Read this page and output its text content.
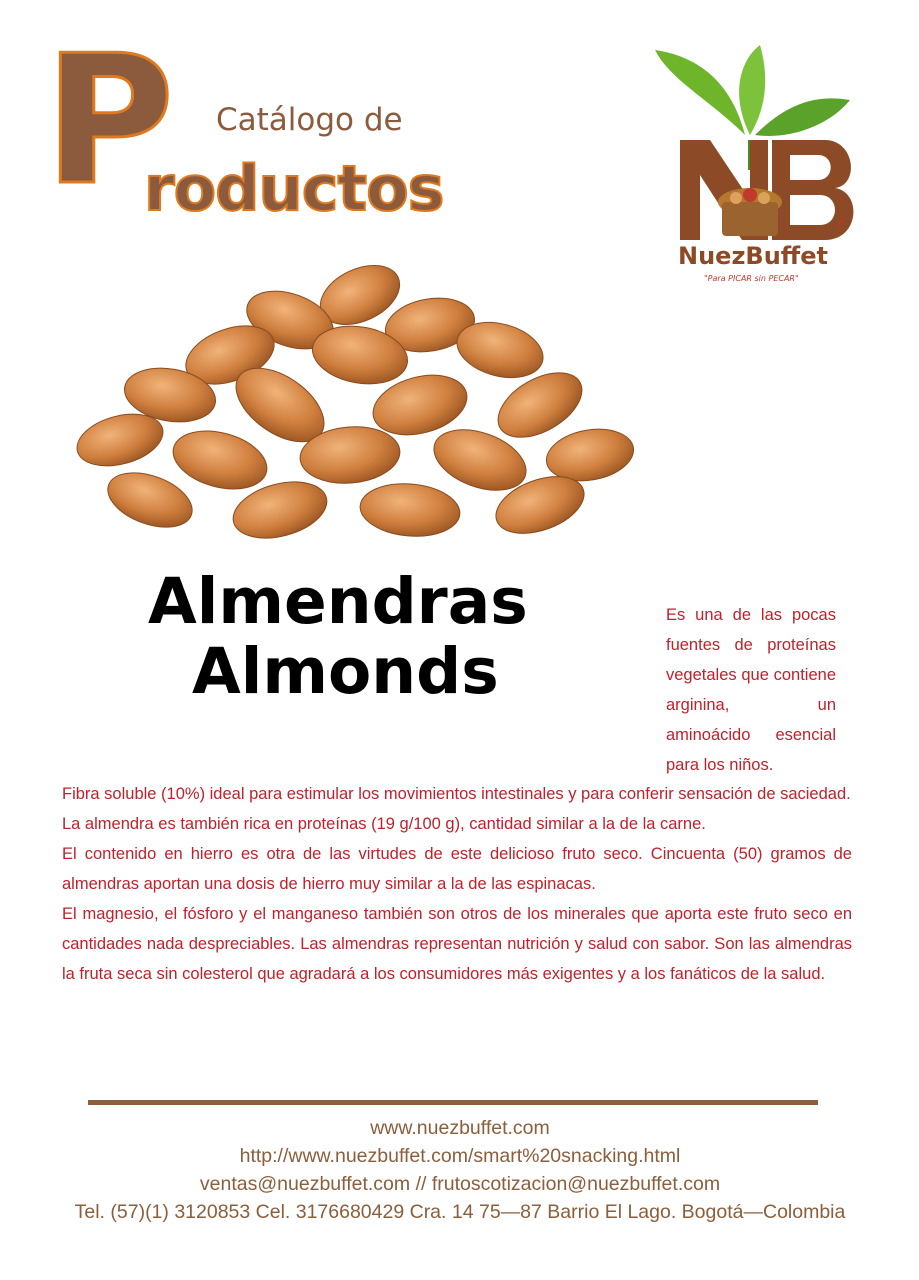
P Catálogo de
roductos	Flap!
NuezBuffet
"Para PICAR sin PECAR"
Almendras
Almonds
Es una de las pocas fuentes de proteínas vegetales que contiene arginina, un aminoácido esencial para los niños.

Fibra soluble (10%) ideal para estimular los movimientos intestinales y para conferir sensación de saciedad.

La almendra es también rica en proteínas (19 g/100 g), cantidad similar a la de la carne.

El contenido en hierro es otra de las virtudes de este delicioso fruto seco. Cincuenta (50) gramos de almendras aportan una dosis de hierro muy similar a la de las espinacas.

El magnesio, el fósforo y el manganeso también son otros de los minerales que aporta este fruto seco en cantidades nada despreciables. Las almendras representan nutrición y salud con sabor. Son las almendras la fruta seca sin colesterol que agradará a los consumidores más exigentes y a los fanáticos de la salud.

www.nuezbuffet.com
http://www.nuezbuffet.com/smart%20snacking.html
ventas@nuezbuffet.com // frutoscotizacion@nuezbuffet.com
Tel. (57)(1) 3120853 Cel. 3176680429 Cra. 14 75—87 Barrio El Lago. Bogotá—Colombia
